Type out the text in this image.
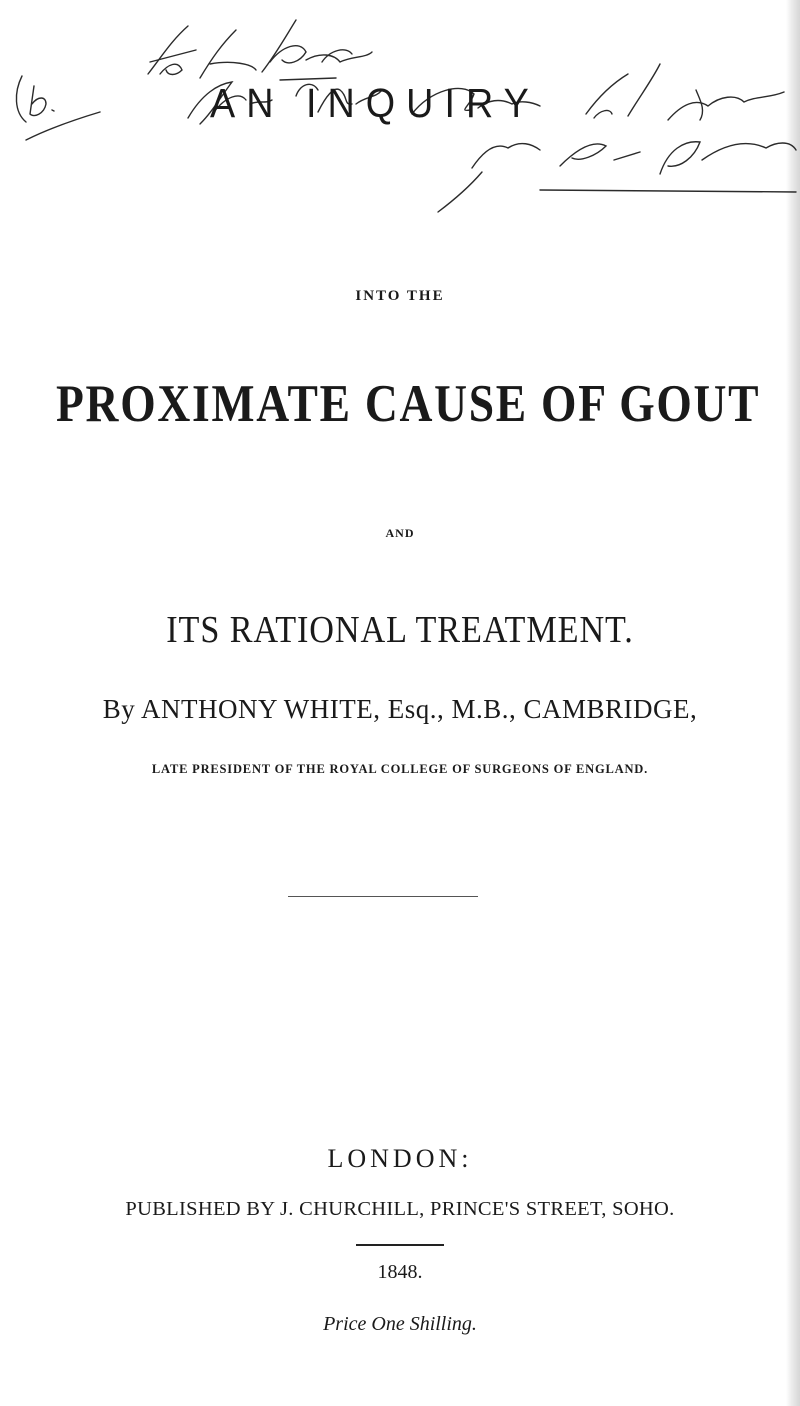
AN INQUIRY
INTO THE
PROXIMATE CAUSE OF GOUT
AND
ITS RATIONAL TREATMENT.
By ANTHONY WHITE, Esq., M.B., CAMBRIDGE,
LATE PRESIDENT OF THE ROYAL COLLEGE OF SURGEONS OF ENGLAND.
LONDON:
PUBLISHED BY J. CHURCHILL, PRINCE'S STREET, SOHO.
1848.
Price One Shilling.
